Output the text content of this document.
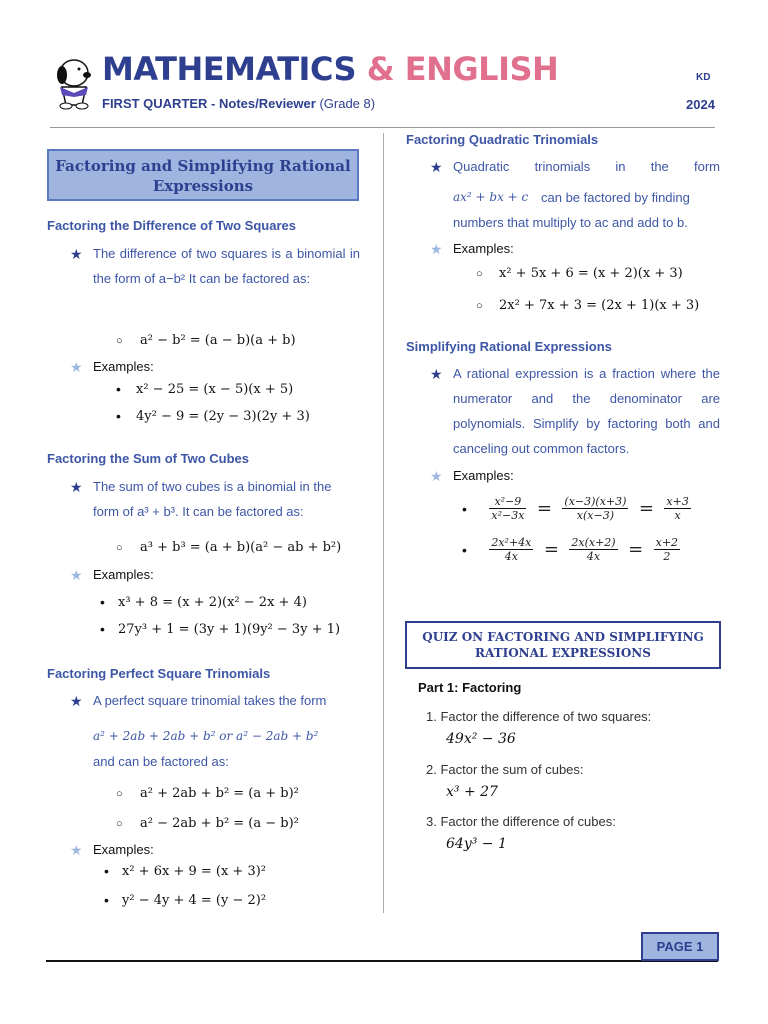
MATHEMATICS & ENGLISH
FIRST QUARTER - Notes/Reviewer (Grade 8)
KD
2024
Factoring and Simplifying Rational Expressions
Factoring the Difference of Two Squares
★ The difference of two squares is a binomial in the form of a−b² It can be factored as:
○ a² − b² = (a − b)(a + b)
★ Examples:
• x² − 25 = (x − 5)(x + 5)
• 4y² − 9 = (2y − 3)(2y + 3)
Factoring the Sum of Two Cubes
★ The sum of two cubes is a binomial in the form of a³ + b³. It can be factored as:
○ a³ + b³ = (a + b)(a² − ab + b²)
★ Examples:
• x³ + 8 = (x + 2)(x² − 2x + 4)
• 27y³ + 1 = (3y + 1)(9y² − 3y + 1)
Factoring Perfect Square Trinomials
★ A perfect square trinomial takes the form
a² + 2ab + 2ab + b² or a² − 2ab + b²
and can be factored as:
○ a² + 2ab + b² = (a + b)²
○ a² − 2ab + b² = (a − b)²
★ Examples:
• x² + 6x + 9 = (x + 3)²
• y² − 4y + 4 = (y − 2)²
Factoring Quadratic Trinomials
★ Quadratic trinomials in the form
ax² + bx + c can be factored by finding
numbers that multiply to ac and add to b.
★ Examples:
○ x² + 5x + 6 = (x + 2)(x + 3)
○ 2x² + 7x + 3 = (2x + 1)(x + 3)
Simplifying Rational Expressions
★ A rational expression is a fraction where the numerator and the denominator are polynomials. Simplify by factoring both and canceling out common factors.
★ Examples:
• $\frac{\text{x²−9}}{\text{x²−3x}} = \frac{(x-3)(x+3)}{x(x-3)} = \frac{x+3}{x}$
• $\frac{\text{2x²+4x}}{4x} = \frac{2x(x+2)}{4x} = \frac{x+2}{2}$
QUIZ ON FACTORING AND SIMPLIFYING RATIONAL EXPRESSIONS
Part 1: Factoring
1. Factor the difference of two squares:
49x² − 36
2. Factor the sum of cubes:
x³ + 27
3. Factor the difference of cubes:
64y³ − 1
PAGE 1
